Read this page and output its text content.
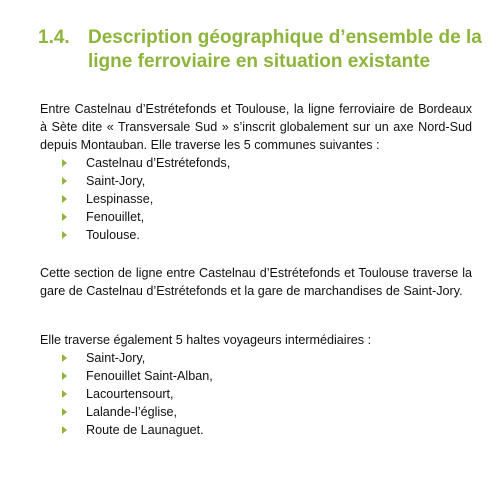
1.4. Description géographique d’ensemble de la ligne ferroviaire en situation existante

Entre Castelnau d’Estrétefonds et Toulouse, la ligne ferroviaire de Bordeaux à Sète dite « Transversale Sud » s’inscrit globalement sur un axe Nord-Sud depuis Montauban. Elle traverse les 5 communes suivantes :

Castelnau d’Estrétefonds,
Saint-Jory,
Lespinasse,
Fenouillet,
Toulouse.

Cette section de ligne entre Castelnau d’Estrétefonds et Toulouse traverse la gare de Castelnau d’Estrétefonds et la gare de marchandises de Saint-Jory.

Elle traverse également 5 haltes voyageurs intermédiaires :

Saint-Jory,
Fenouillet Saint-Alban,
Lacourtensourt,
Lalande-l’église,
Route de Launaguet.
